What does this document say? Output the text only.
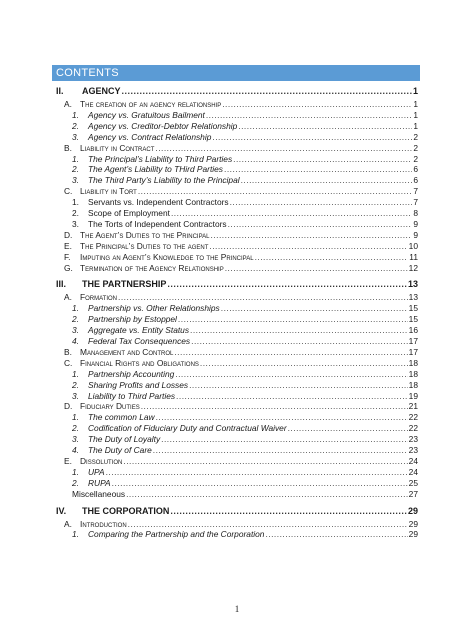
CONTENTS
II.	AGENCY .....	1
A. The creation of an agency relationship .....	1
1.	Agency vs. Gratuitous Bailment .....	1
2.	Agency vs. Creditor-Debtor Relationship .....	1
3.	Agency vs. Contract Relationship .....	2
B. Liability in Contract .....	2
1.	The Principal’s Liability to Third Parties .....	2
2.	The Agent’s Liability to THird Parties .....	6
3.	The Third Party’s Liability to the Principal .....	6
C. Liability in Tort .....	7
1.	Servants vs. Independent Contractors .....	7
2.	Scope of Employment .....	8
3.	The Torts of Independent Contractors .....	9
D. The Agent’s Duties to the Principal .....	9
E. The Principal’s Duties to the agent .....	10
F.	Imputing an Agent’s Knowledge to the Principal .....	11
G. Termination of the Agency Relationship .....	12
III.	THE PARTNERSHIP .....	13
A. Formation .....	13
1.	Partnership vs. Other Relationships .....	15
2.	Partnership by Estoppel .....	15
3.	Aggregate vs. Entity Status .....	16
4.	Federal Tax Consequences .....	17
B. Management and Control .....	17
C. Financial Rights and Obligations .....	18
1.	Partnership Accounting .....	18
2.	Sharing Profits and Losses .....	18
3.	Liability to Third Parties .....	19
D. Fiduciary Duties .....	21
1.	The common Law .....	22
2.	Codification of Fiduciary Duty and Contractual Waiver .....	22
3.	The Duty of Loyalty .....	23
4.	The Duty of Care .....	23
E. Dissolution .....	24
1.	UPA .....	24
2.	RUPA .....	25
Miscellaneous .....	27
IV.	THE CORPORATION .....	29
A. Introduction .....	29
1.	Comparing the Partnership and the Corporation .....	29
1
